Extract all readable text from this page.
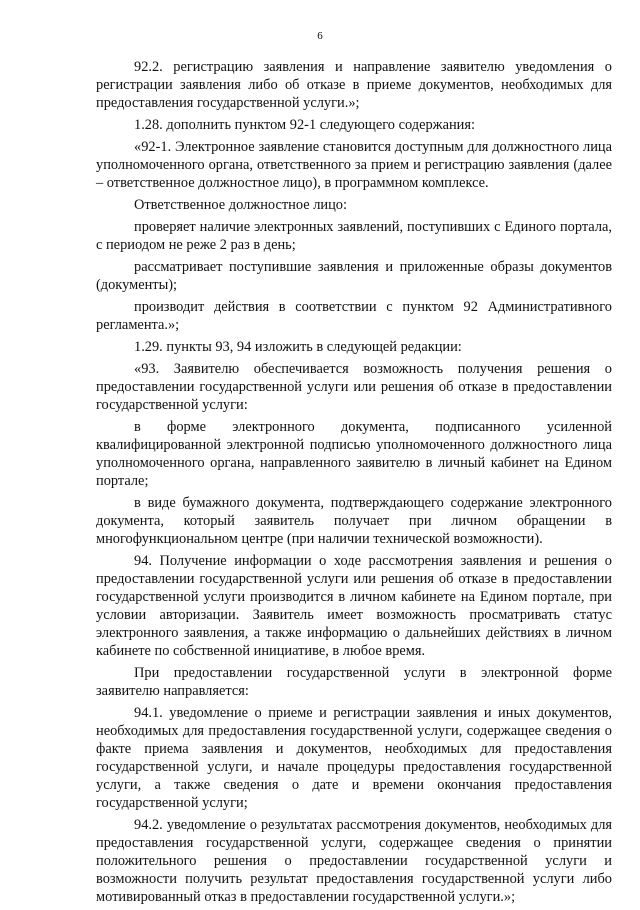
6

92.2. регистрацию заявления и направление заявителю уведомления о регистрации заявления либо об отказе в приеме документов, необходимых для предоставления государственной услуги.»;

1.28. дополнить пунктом 92-1 следующего содержания:

«92-1. Электронное заявление становится доступным для должностного лица уполномоченного органа, ответственного за прием и регистрацию заявления (далее – ответственное должностное лицо), в программном комплексе.

Ответственное должностное лицо:

проверяет наличие электронных заявлений, поступивших с Единого портала, с периодом не реже 2 раз в день;

рассматривает поступившие заявления и приложенные образы документов (документы);

производит действия в соответствии с пунктом 92 Административного регламента.»;

1.29. пункты 93, 94 изложить в следующей редакции:

«93. Заявителю обеспечивается возможность получения решения о предоставлении государственной услуги или решения об отказе в предоставлении государственной услуги:

в форме электронного документа, подписанного усиленной квалифицированной электронной подписью уполномоченного должностного лица уполномоченного органа, направленного заявителю в личный кабинет на Едином портале;

в виде бумажного документа, подтверждающего содержание электронного документа, который заявитель получает при личном обращении в многофункциональном центре (при наличии технической возможности).

94. Получение информации о ходе рассмотрения заявления и решения о предоставлении государственной услуги или решения об отказе в предоставлении государственной услуги производится в личном кабинете на Едином портале, при условии авторизации. Заявитель имеет возможность просматривать статус электронного заявления, а также информацию о дальнейших действиях в личном кабинете по собственной инициативе, в любое время.

При предоставлении государственной услуги в электронной форме заявителю направляется:

94.1. уведомление о приеме и регистрации заявления и иных документов, необходимых для предоставления государственной услуги, содержащее сведения о факте приема заявления и документов, необходимых для предоставления государственной услуги, и начале процедуры предоставления государственной услуги, а также сведения о дате и времени окончания предоставления государственной услуги;

94.2. уведомление о результатах рассмотрения документов, необходимых для предоставления государственной услуги, содержащее сведения о принятии положительного решения о предоставлении государственной услуги и возможности получить результат предоставления государственной услуги либо мотивированный отказ в предоставлении государственной услуги.»;
